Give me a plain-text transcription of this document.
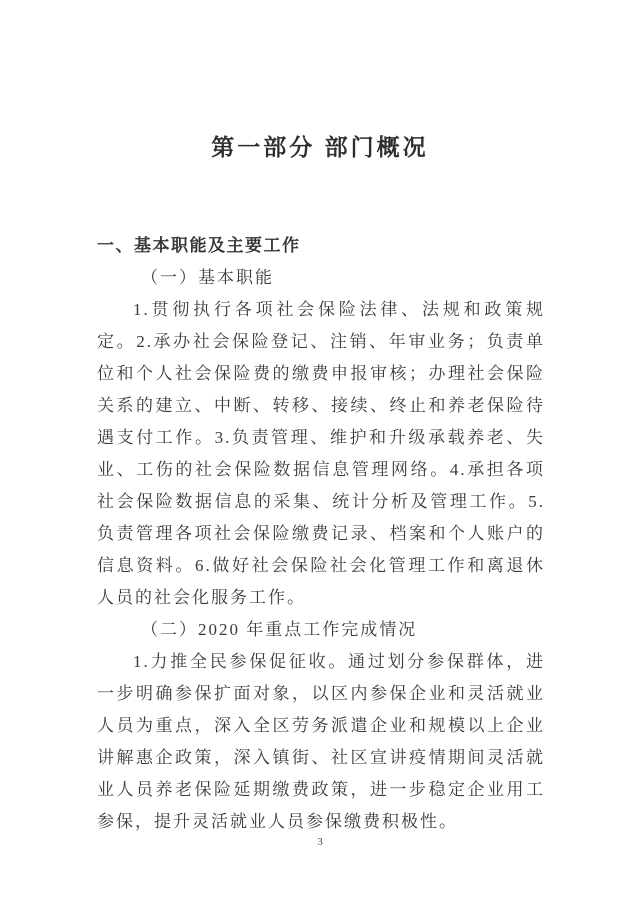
第一部分 部门概况
一、基本职能及主要工作
（一）基本职能

1.贯彻执行各项社会保险法律、法规和政策规定。2.承办社会保险登记、注销、年审业务；负责单位和个人社会保险费的缴费申报审核；办理社会保险关系的建立、中断、转移、接续、终止和养老保险待遇支付工作。3.负责管理、维护和升级承载养老、失业、工伤的社会保险数据信息管理网络。4.承担各项社会保险数据信息的采集、统计分析及管理工作。5.负责管理各项社会保险缴费记录、档案和个人账户的信息资料。6.做好社会保险社会化管理工作和离退休人员的社会化服务工作。

（二）2020 年重点工作完成情况

1.力推全民参保促征收。通过划分参保群体，进一步明确参保扩面对象，以区内参保企业和灵活就业人员为重点，深入全区劳务派遣企业和规模以上企业讲解惠企政策，深入镇街、社区宣讲疫情期间灵活就业人员养老保险延期缴费政策，进一步稳定企业用工参保，提升灵活就业人员参保缴费积极性。

3
